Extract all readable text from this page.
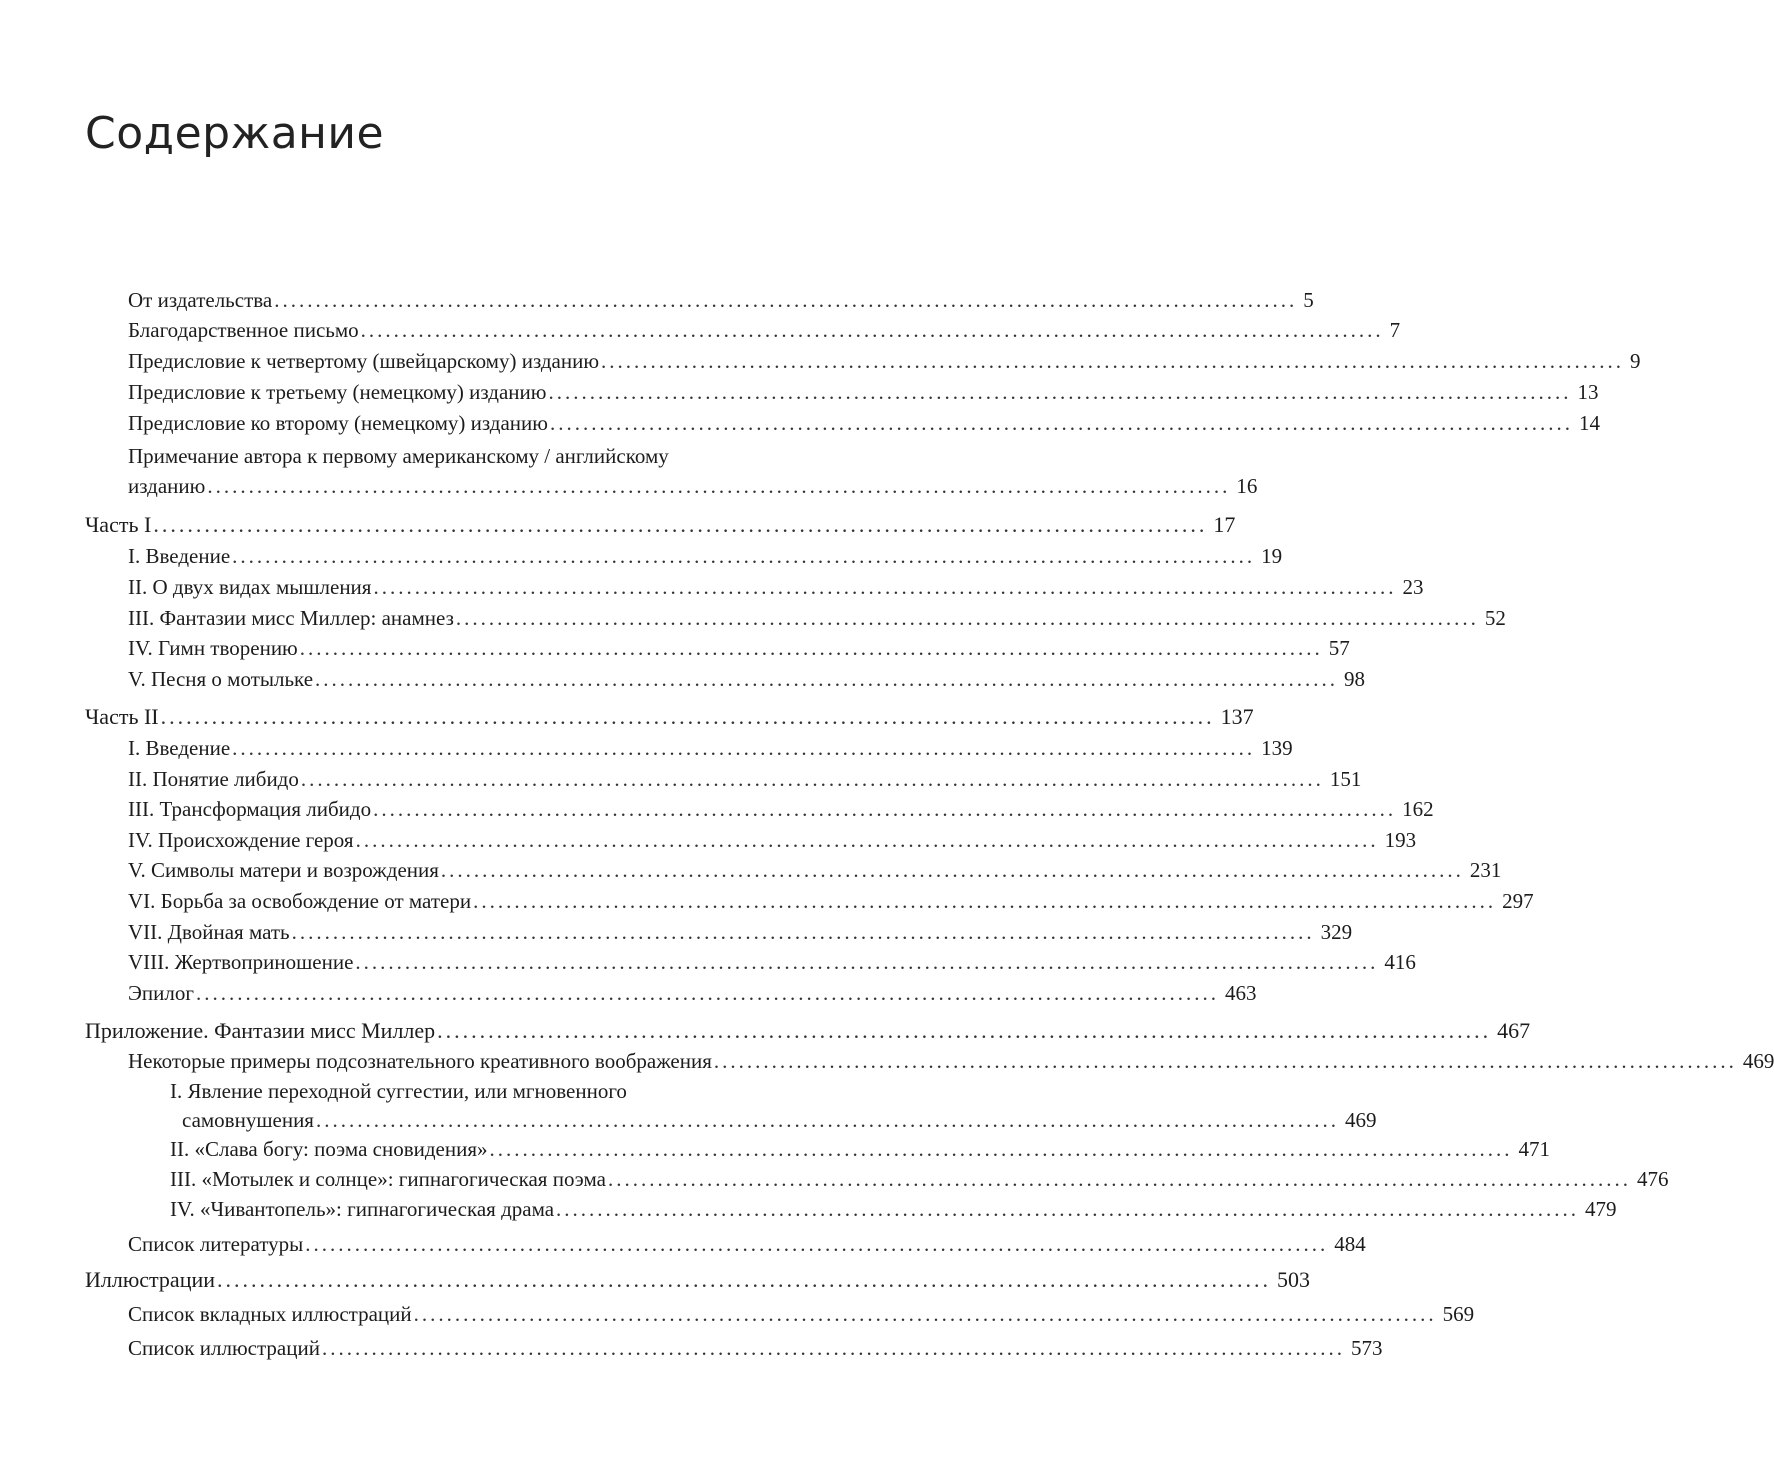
Содержание
От издательства ............................................................................................................................ 5
Благодарственное письмо ............................................................................................................................ 7
Предисловие к четвертому (швейцарскому) изданию ............................................................................................................................ 9
Предисловие к третьему (немецкому) изданию ............................................................................................................................ 13
Предисловие ко второму (немецкому) изданию ............................................................................................................................ 14
Примечание автора к первому американскому / английскому
изданию ............................................................................................................................ 16
Часть I ............................................................................................................................ 17
I. Введение ............................................................................................................................ 19
II. О двух видах мышления ............................................................................................................................ 23
III. Фантазии мисс Миллер: анамнез ............................................................................................................................ 52
IV. Гимн творению ............................................................................................................................ 57
V. Песня о мотыльке ............................................................................................................................ 98
Часть II ............................................................................................................................ 137
I. Введение ............................................................................................................................ 139
II. Понятие либидо ............................................................................................................................ 151
III. Трансформация либидо ............................................................................................................................ 162
IV. Происхождение героя ............................................................................................................................ 193
V. Символы матери и возрождения ............................................................................................................................ 231
VI. Борьба за освобождение от матери ............................................................................................................................ 297
VII. Двойная мать ............................................................................................................................ 329
VIII. Жертвоприношение ............................................................................................................................ 416
Эпилог ............................................................................................................................ 463
Приложение. Фантазии мисс Миллер ............................................................................................................................ 467
Некоторые примеры подсознательного креативного воображения ............................................................................................................................ 469
I. Явление переходной суггестии, или мгновенного
самовнушения ............................................................................................................................ 469
II. «Слава богу: поэма сновидения» ............................................................................................................................ 471
III. «Мотылек и солнце»: гипнагогическая поэма ............................................................................................................................ 476
IV. «Чивантопель»: гипнагогическая драма ............................................................................................................................ 479
Список литературы ............................................................................................................................ 484
Иллюстрации ............................................................................................................................ 503
Список вкладных иллюстраций ............................................................................................................................ 569
Список иллюстраций ............................................................................................................................ 573
